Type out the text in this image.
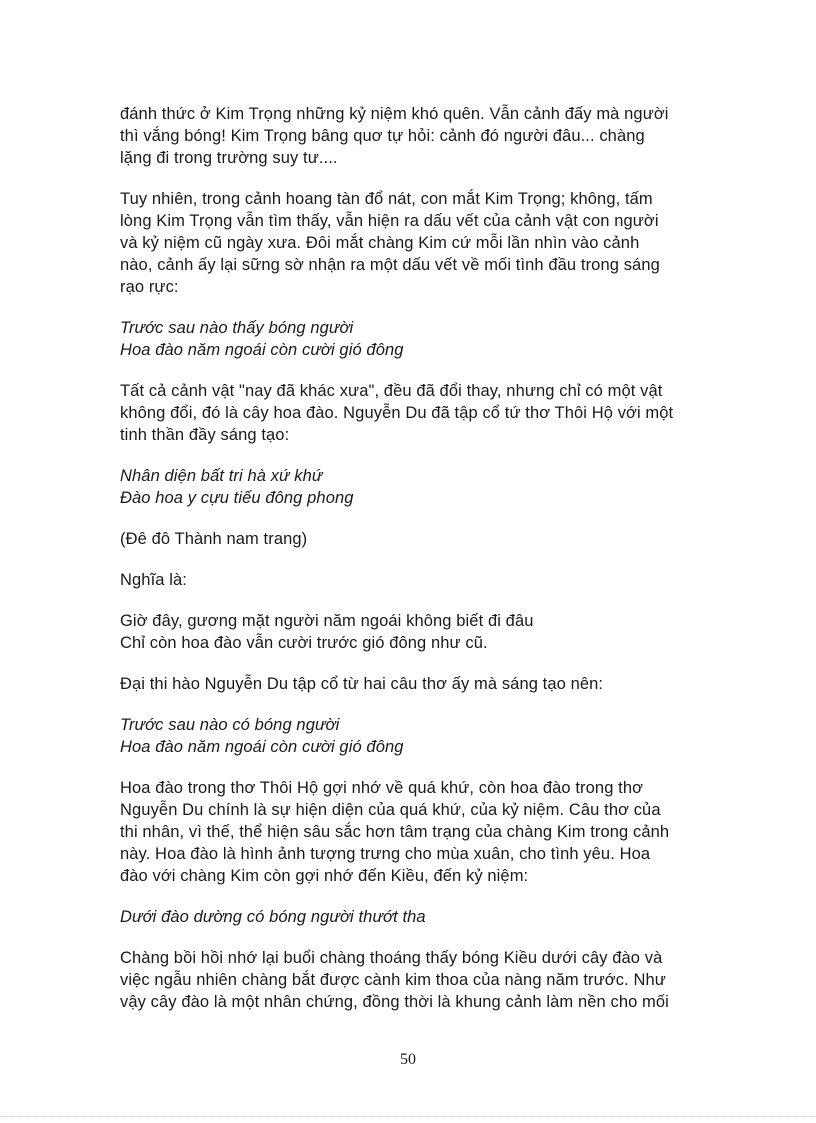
đánh thức ở Kim Trọng những kỷ niệm khó quên. Vẫn cảnh đấy mà người
thì vắng bóng! Kim Trọng bâng quơ tự hỏi: cảnh đó người đâu... chàng
lặng đi trong trường suy tư....

Tuy nhiên, trong cảnh hoang tàn đổ nát, con mắt Kim Trọng; không, tấm
lòng Kim Trọng vẫn tìm thấy, vẫn hiện ra dấu vết của cảnh vật con người
và kỷ niệm cũ ngày xưa. Đôi mắt chàng Kim cứ mỗi lần nhìn vào cảnh
nào, cảnh ấy lại sững sờ nhận ra một dấu vết về mối tình đầu trong sáng
rạo rực:

Trước sau nào thấy bóng người
Hoa đào năm ngoái còn cười gió đông

Tất cả cảnh vật "nay đã khác xưa", đều đã đổi thay, nhưng chỉ có một vật
không đổi, đó là cây hoa đào. Nguyễn Du đã tập cổ tứ thơ Thôi Hộ với một
tinh thần đầy sáng tạo:

Nhân diện bất tri hà xứ khứ
Đào hoa y cựu tiếu đông phong

(Đê đô Thành nam trang)

Nghĩa là:

Giờ đây, gương mặt người năm ngoái không biết đi đâu
Chỉ còn hoa đào vẫn cười trước gió đông như cũ.

Đại thi hào Nguyễn Du tập cổ từ hai câu thơ ấy mà sáng tạo nên:

Trước sau nào có bóng người
Hoa đào năm ngoái còn cười gió đông

Hoa đào trong thơ Thôi Hộ gợi nhớ về quá khứ, còn hoa đào trong thơ
Nguyễn Du chính là sự hiện diện của quá khứ, của kỷ niệm. Câu thơ của
thi nhân, vì thế, thể hiện sâu sắc hơn tâm trạng của chàng Kim trong cảnh
này. Hoa đào là hình ảnh tượng trưng cho mùa xuân, cho tình yêu. Hoa
đào với chàng Kim còn gợi nhớ đến Kiều, đến kỷ niệm:

Dưới đào dường có bóng người thướt tha

Chàng bồi hồi nhớ lại buổi chàng thoáng thấy bóng Kiều dưới cây đào và
việc ngẫu nhiên chàng bắt được cành kim thoa của nàng năm trước. Như
vậy cây đào là một nhân chứng, đồng thời là khung cảnh làm nền cho mối

50
